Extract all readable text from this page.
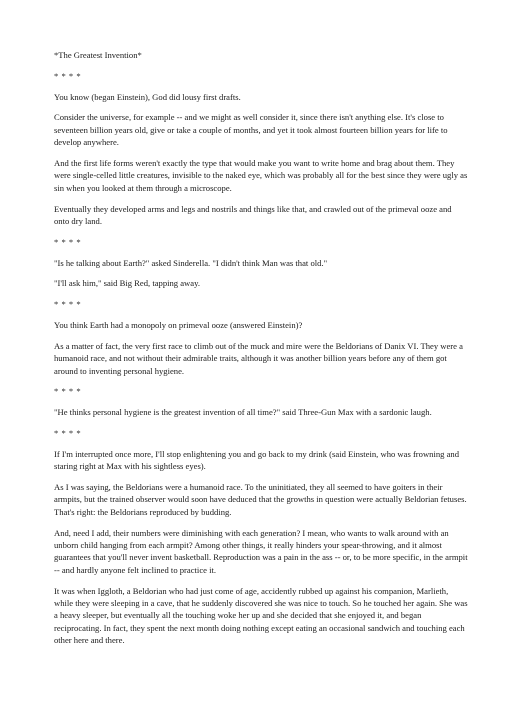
*The Greatest Invention*

* * * *

You know (began Einstein), God did lousy first drafts.

Consider the universe, for example -- and we might as well consider it, since there isn't anything else. It's close to seventeen billion years old, give or take a couple of months, and yet it took almost fourteen billion years for life to develop anywhere.

And the first life forms weren't exactly the type that would make you want to write home and brag about them. They were single-celled little creatures, invisible to the naked eye, which was probably all for the best since they were ugly as sin when you looked at them through a microscope.

Eventually they developed arms and legs and nostrils and things like that, and crawled out of the primeval ooze and onto dry land.

* * * *

"Is he talking about Earth?" asked Sinderella. "I didn't think Man was that old."

"I'll ask him," said Big Red, tapping away.

* * * *

You think Earth had a monopoly on primeval ooze (answered Einstein)?

As a matter of fact, the very first race to climb out of the muck and mire were the Beldorians of Danix VI. They were a humanoid race, and not without their admirable traits, although it was another billion years before any of them got around to inventing personal hygiene.

* * * *

"He thinks personal hygiene is the greatest invention of all time?" said Three-Gun Max with a sardonic laugh.

* * * *

If I'm interrupted once more, I'll stop enlightening you and go back to my drink (said Einstein, who was frowning and staring right at Max with his sightless eyes).

As I was saying, the Beldorians were a humanoid race. To the uninitiated, they all seemed to have goiters in their armpits, but the trained observer would soon have deduced that the growths in question were actually Beldorian fetuses. That's right: the Beldorians reproduced by budding.

And, need I add, their numbers were diminishing with each generation? I mean, who wants to walk around with an unborn child hanging from each armpit? Among other things, it really hinders your spear-throwing, and it almost guarantees that you'll never invent basketball. Reproduction was a pain in the ass -- or, to be more specific, in the armpit -- and hardly anyone felt inclined to practice it.

It was when Iggloth, a Beldorian who had just come of age, accidently rubbed up against his companion, Marlieth, while they were sleeping in a cave, that he suddenly discovered she was nice to touch. So he touched her again. She was a heavy sleeper, but eventually all the touching woke her up and she decided that she enjoyed it, and began reciprocating. In fact, they spent the next month doing nothing except eating an occasional sandwich and touching each other here and there.
